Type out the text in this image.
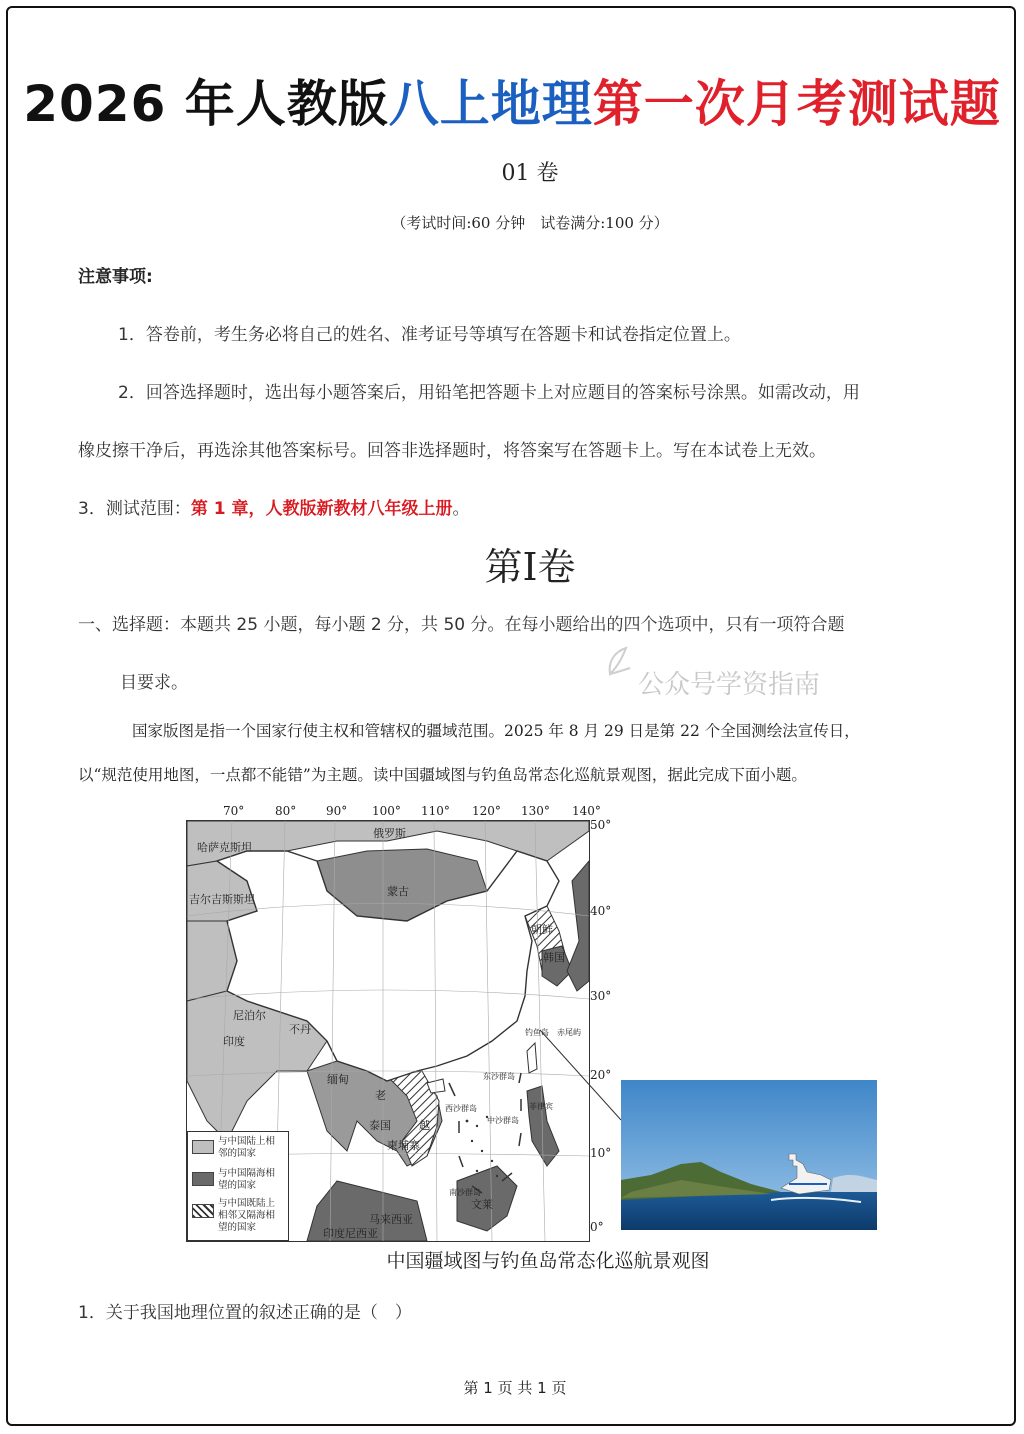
2026 年人教版八上地理第一次月考测试题
01 卷
（考试时间:60 分钟　试卷满分:100 分）
注意事项:
1．答卷前，考生务必将自己的姓名、准考证号等填写在答题卡和试卷指定位置上。
2．回答选择题时，选出每小题答案后，用铅笔把答题卡上对应题目的答案标号涂黑。如需改动，用
橡皮擦干净后，再选涂其他答案标号。回答非选择题时，将答案写在答题卡上。写在本试卷上无效。
3．测试范围：第 1 章，人教版新教材八年级上册。
第Ⅰ卷
一、选择题：本题共 25 小题，每小题 2 分，共 50 分。在每小题给出的四个选项中，只有一项符合题
目要求。	公众号学资指南
国家版图是指一个国家行使主权和管辖权的疆域范围。2025 年 8 月 29 日是第 22 个全国测绘法宣传日，
以“规范使用地图，一点都不能错”为主题。读中国疆域图与钓鱼岛常态化巡航景观图，据此完成下面小题。
70°	80° 90° 100° 110° 120° 130° 140°
50°
40°
30°
20°
10°
0°
俄罗斯
哈萨克斯坦
吉尔吉斯斯坦
蒙古
朝鲜
韩国
尼泊尔
印度
不丹
缅甸
老
泰国
柬埔寨
越
马来西亚
印度尼西亚
文莱
菲律宾
钓鱼岛 赤尾屿
东沙群岛
西沙群岛
中沙群岛
南沙群岛
与中国陆上相邻的国家
与中国隔海相望的国家
与中国既陆上相邻又隔海相望的国家
中国疆域图与钓鱼岛常态化巡航景观图
1．关于我国地理位置的叙述正确的是（　）
第 1 页 共 1 页
